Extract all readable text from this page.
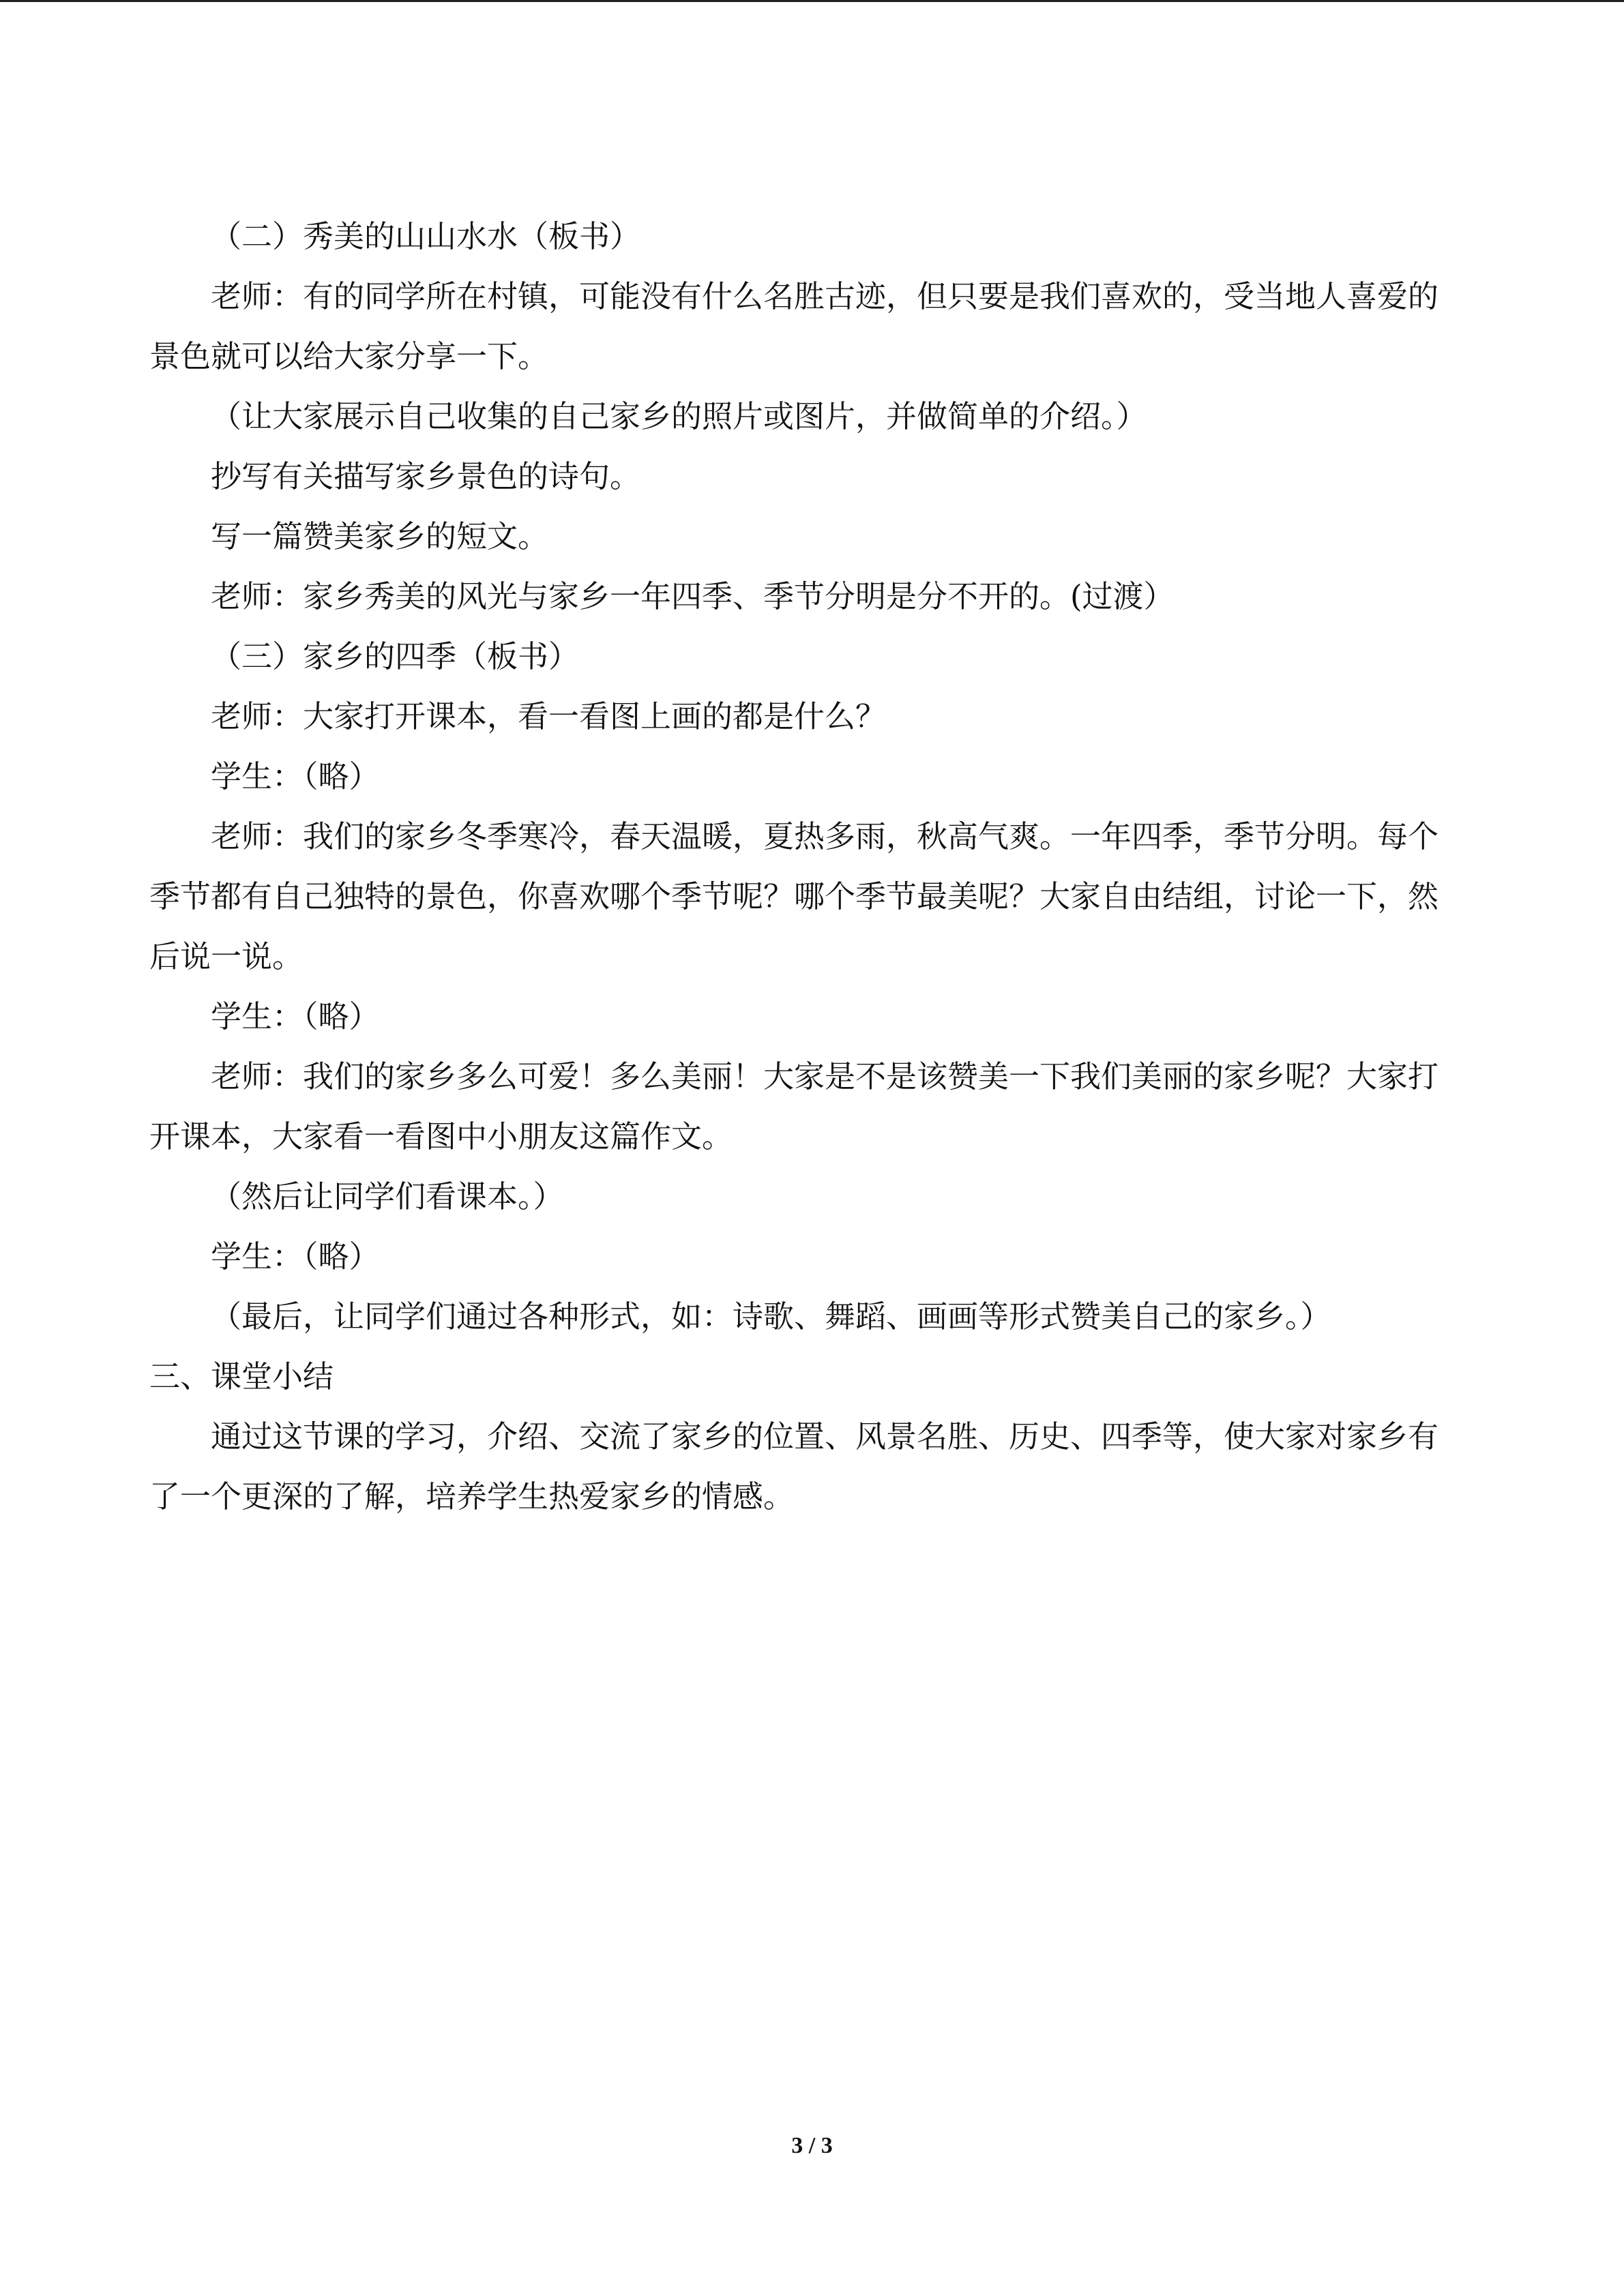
（二）秀美的山山水水（板书）

老师：有的同学所在村镇，可能没有什么名胜古迹，但只要是我们喜欢的，受当地人喜爱的景色就可以给大家分享一下。

（让大家展示自己收集的自己家乡的照片或图片，并做简单的介绍。）

抄写有关描写家乡景色的诗句。

写一篇赞美家乡的短文。

老师：家乡秀美的风光与家乡一年四季、季节分明是分不开的。(过渡）

（三）家乡的四季（板书）

老师：大家打开课本，看一看图上画的都是什么？

学生：（略）

老师：我们的家乡冬季寒冷，春天温暖，夏热多雨，秋高气爽。一年四季，季节分明。每个季节都有自己独特的景色，你喜欢哪个季节呢？哪个季节最美呢？大家自由结组，讨论一下，然后说一说。

学生：（略）

老师：我们的家乡多么可爱！多么美丽！大家是不是该赞美一下我们美丽的家乡呢？大家打开课本，大家看一看图中小朋友这篇作文。

（然后让同学们看课本。）

学生：（略）

（最后，让同学们通过各种形式，如：诗歌、舞蹈、画画等形式赞美自己的家乡。）

三、课堂小结

通过这节课的学习，介绍、交流了家乡的位置、风景名胜、历史、四季等，使大家对家乡有了一个更深的了解，培养学生热爱家乡的情感。

3 / 3
